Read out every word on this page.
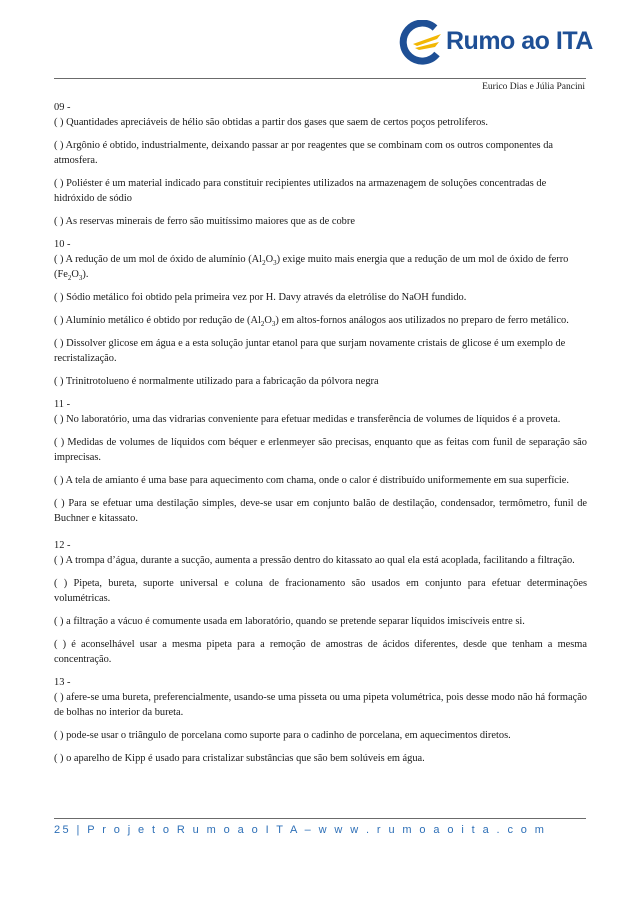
Rumo ao ITA
Eurico Dias e Júlia Pancini
09 -
( ) Quantidades apreciáveis de hélio são obtidas a partir dos gases que saem de certos poços petrolíferos.
( ) Argônio é obtido, industrialmente, deixando passar ar por reagentes que se combinam com os outros componentes da atmosfera.
( ) Poliéster é um material indicado para constituir recipientes utilizados na armazenagem de soluções concentradas de hidróxido de sódio
( ) As reservas minerais de ferro são muitíssimo maiores que as de cobre
10 -
( ) A redução de um mol de óxido de alumínio $(Al_2O_3)$ exige muito mais energia que a redução de um mol de óxido de ferro $(Fe_2O_3)$.
( ) Sódio metálico foi obtido pela primeira vez por H. Davy através da eletrólise do NaOH fundido.
( ) Alumínio metálico é obtido por redução de $(Al_2O_3)$ em altos-fornos análogos aos utilizados no preparo de ferro metálico.
( ) Dissolver glicose em água e a esta solução juntar etanol para que surjam novamente cristais de glicose é um exemplo de recristalização.
( ) Trinitrotolueno é normalmente utilizado para a fabricação da pólvora negra
11 -
( ) No laboratório, uma das vidrarias conveniente para efetuar medidas e transferência de volumes de líquidos é a proveta.
( ) Medidas de volumes de líquidos com béquer e erlenmeyer são precisas, enquanto que as feitas com funil de separação são imprecisas.
( ) A tela de amianto é uma base para aquecimento com chama, onde o calor é distribuído uniformemente em sua superfície.
( ) Para se efetuar uma destilação simples, deve-se usar em conjunto balão de destilação, condensador, termômetro, funil de Buchner e kitassato.
12 -
( ) A trompa d’água, durante a sucção, aumenta a pressão dentro do kitassato ao qual ela está acoplada, facilitando a filtração.
( ) Pipeta, bureta, suporte universal e coluna de fracionamento são usados em conjunto para efetuar determinações volumétricas.
( ) a filtração a vácuo é comumente usada em laboratório, quando se pretende separar líquidos imiscíveis entre si.
( ) é aconselhável usar a mesma pipeta para a remoção de amostras de ácidos diferentes, desde que tenham a mesma concentração.
13 -
( ) afere-se uma bureta, preferencialmente, usando-se uma pisseta ou uma pipeta volumétrica, pois desse modo não há formação de bolhas no interior da bureta.
( ) pode-se usar o triângulo de porcelana como suporte para o cadinho de porcelana, em aquecimentos diretos.
( ) o aparelho de Kipp é usado para cristalizar substâncias que são bem solúveis em água.
25 | P r o j e t o R u m o a o I T A – w w w . r u m o a o i t a . c o m
